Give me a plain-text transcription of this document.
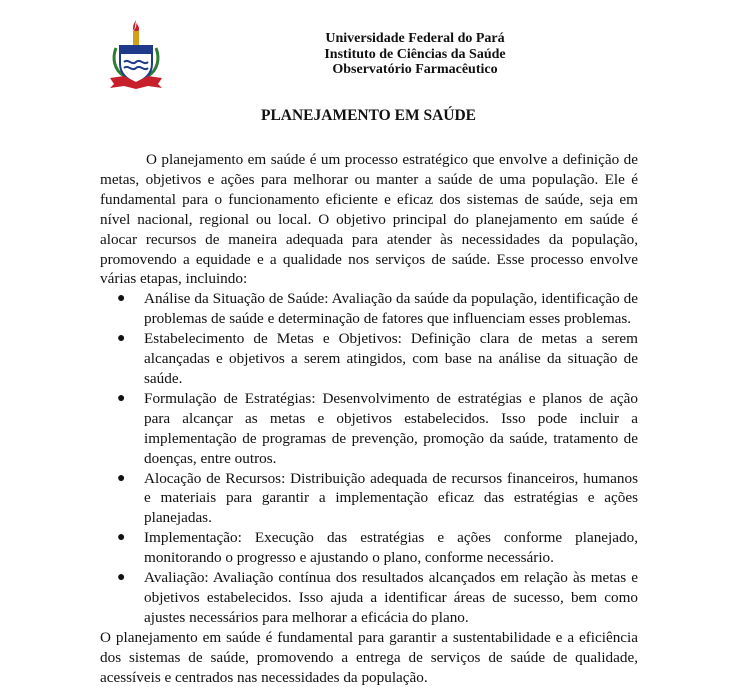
Universidade Federal do Pará
Instituto de Ciências da Saúde
Observatório Farmacêutico
PLANEJAMENTO EM SAÚDE

O planejamento em saúde é um processo estratégico que envolve a definição de metas, objetivos e ações para melhorar ou manter a saúde de uma população. Ele é fundamental para o funcionamento eficiente e eficaz dos sistemas de saúde, seja em nível nacional, regional ou local. O objetivo principal do planejamento em saúde é alocar recursos de maneira adequada para atender às necessidades da população, promovendo a equidade e a qualidade nos serviços de saúde. Esse processo envolve várias etapas, incluindo:

● Análise da Situação de Saúde: Avaliação da saúde da população, identificação de problemas de saúde e determinação de fatores que influenciam esses problemas.
● Estabelecimento de Metas e Objetivos: Definição clara de metas a serem alcançadas e objetivos a serem atingidos, com base na análise da situação de saúde.
● Formulação de Estratégias: Desenvolvimento de estratégias e planos de ação para alcançar as metas e objetivos estabelecidos. Isso pode incluir a implementação de programas de prevenção, promoção da saúde, tratamento de doenças, entre outros.
● Alocação de Recursos: Distribuição adequada de recursos financeiros, humanos e materiais para garantir a implementação eficaz das estratégias e ações planejadas.
● Implementação: Execução das estratégias e ações conforme planejado, monitorando o progresso e ajustando o plano, conforme necessário.
● Avaliação: Avaliação contínua dos resultados alcançados em relação às metas e objetivos estabelecidos. Isso ajuda a identificar áreas de sucesso, bem como ajustes necessários para melhorar a eficácia do plano.

O planejamento em saúde é fundamental para garantir a sustentabilidade e a eficiência dos sistemas de saúde, promovendo a entrega de serviços de saúde de qualidade, acessíveis e centrados nas necessidades da população.
